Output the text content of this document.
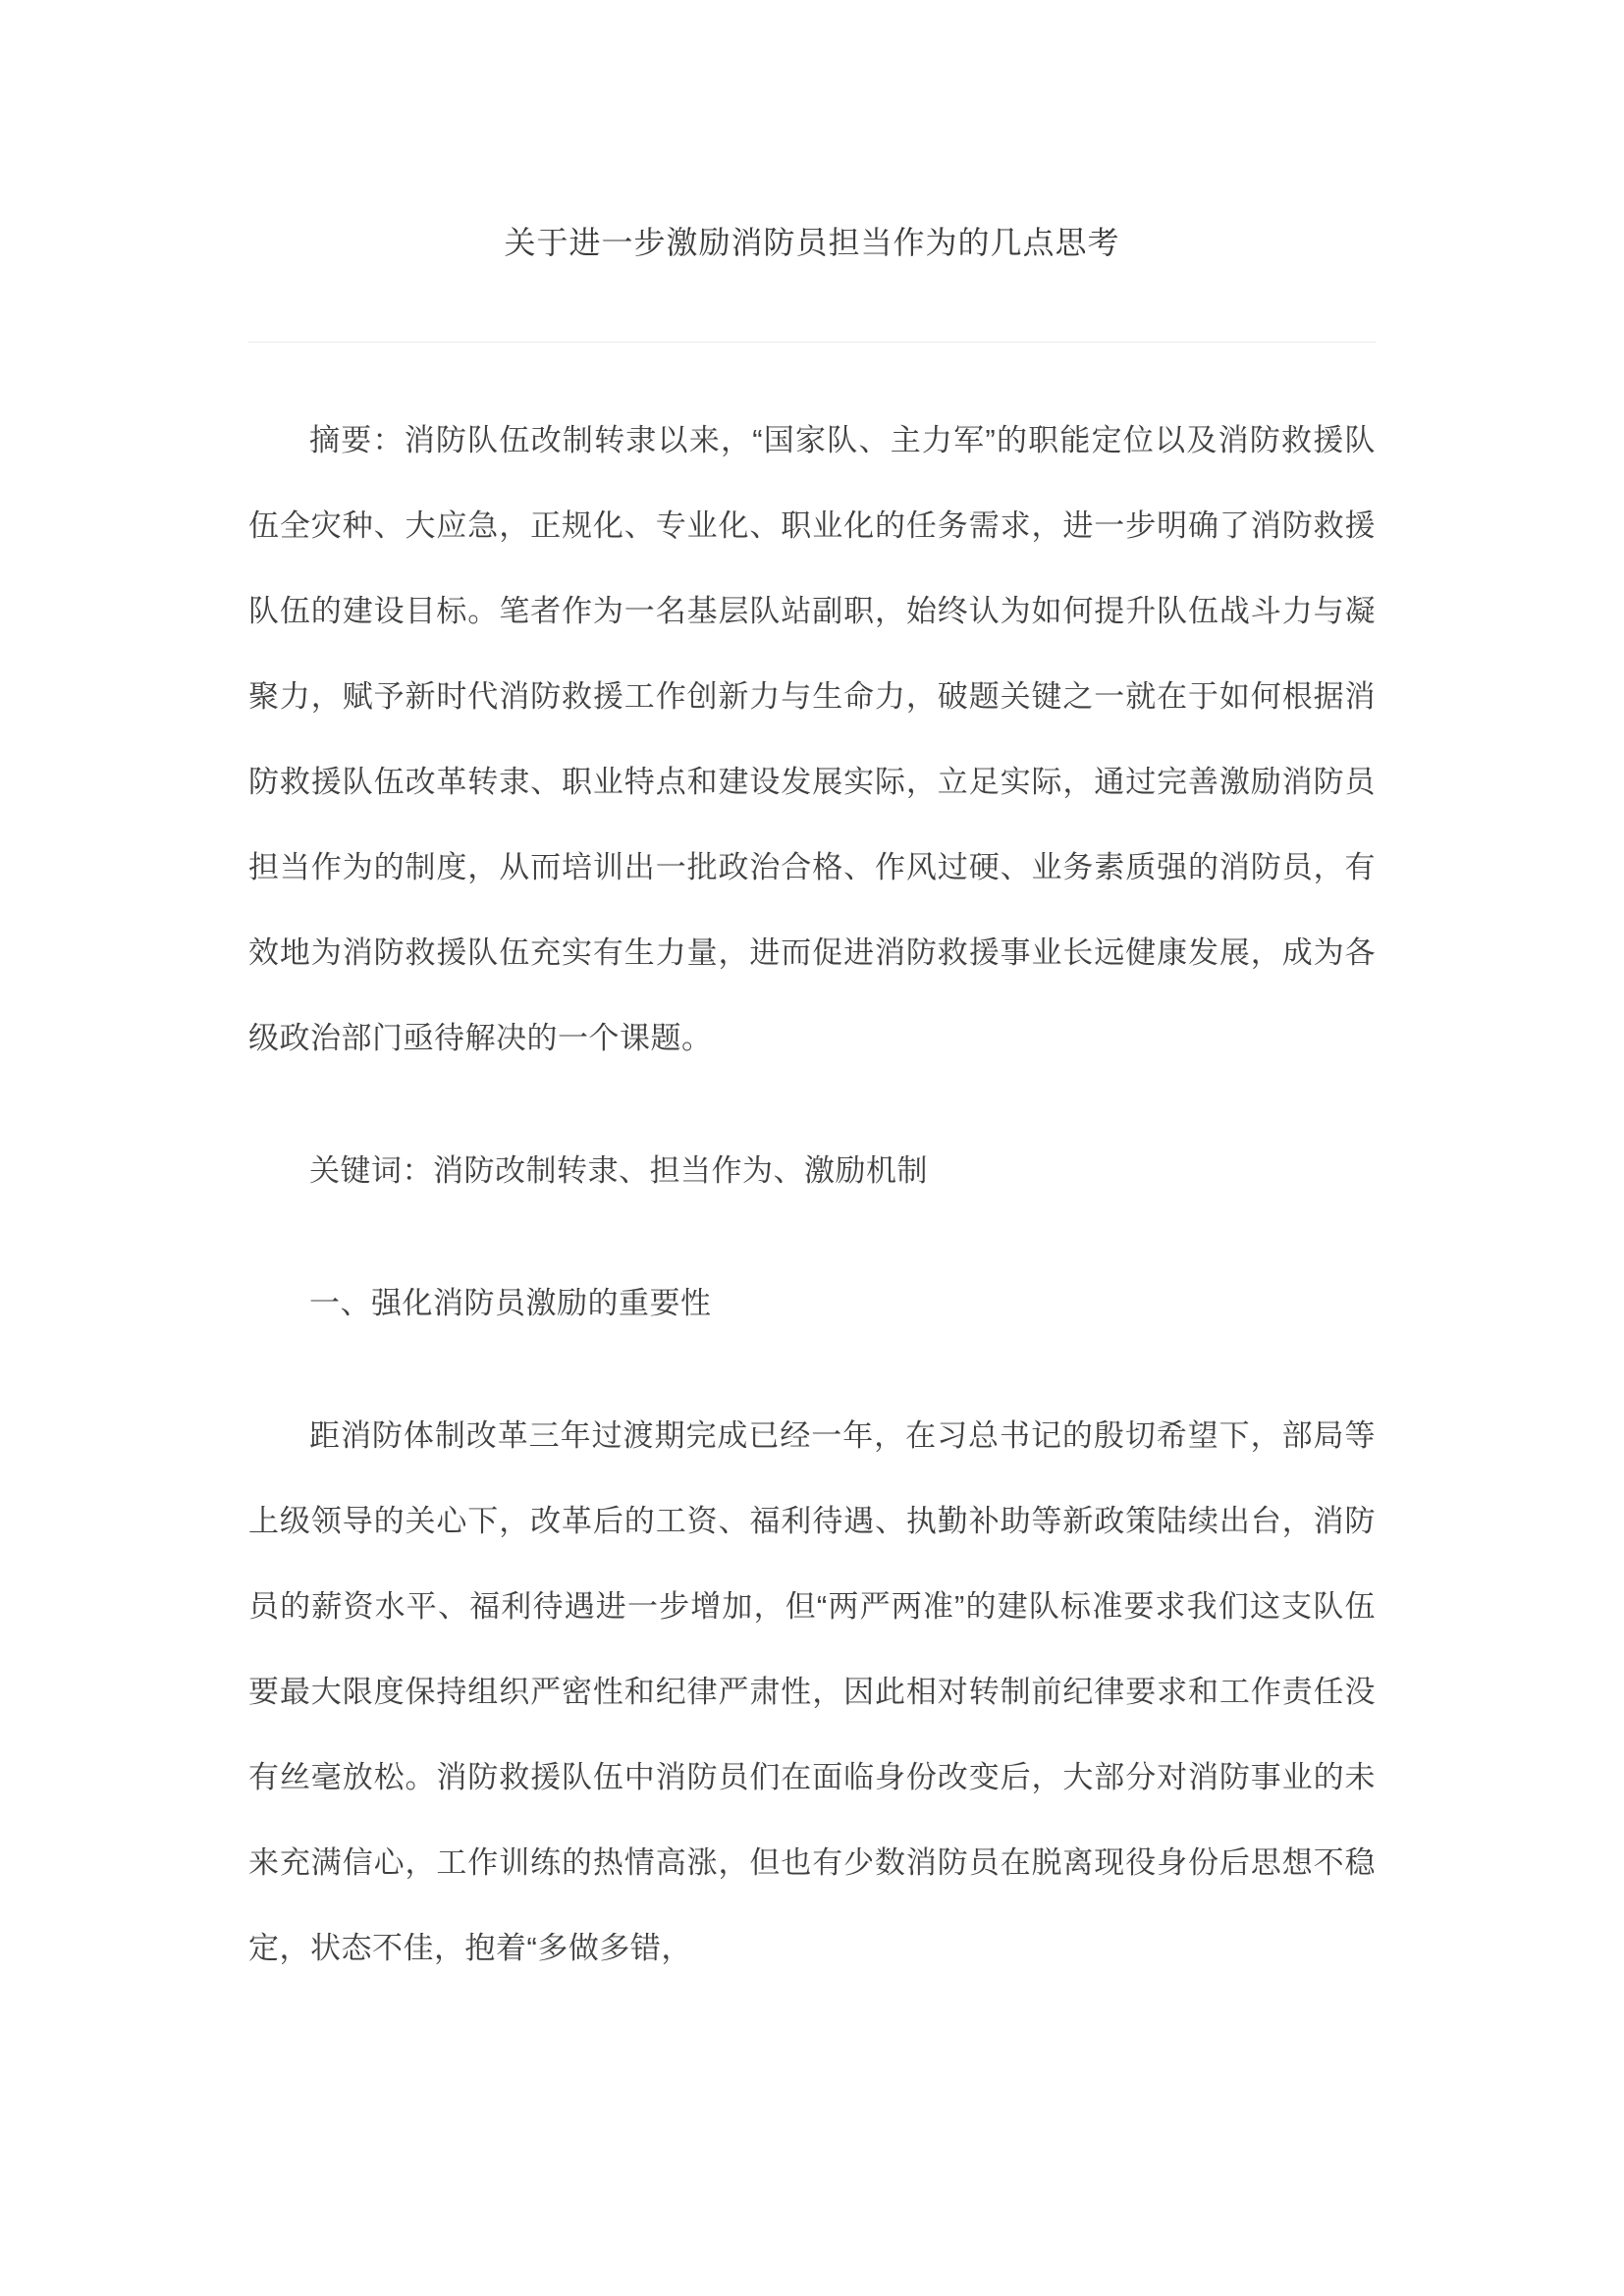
关于进一步激励消防员担当作为的几点思考

摘要：消防队伍改制转隶以来，“国家队、主力军”的职能定位以及消防救援队伍全灾种、大应急，正规化、专业化、职业化的任务需求，进一步明确了消防救援队伍的建设目标。笔者作为一名基层队站副职，始终认为如何提升队伍战斗力与凝聚力，赋予新时代消防救援工作创新力与生命力，破题关键之一就在于如何根据消防救援队伍改革转隶、职业特点和建设发展实际，立足实际，通过完善激励消防员担当作为的制度，从而培训出一批政治合格、作风过硬、业务素质强的消防员，有效地为消防救援队伍充实有生力量，进而促进消防救援事业长远健康发展，成为各级政治部门亟待解决的一个课题。

关键词：消防改制转隶、担当作为、激励机制

一、强化消防员激励的重要性

距消防体制改革三年过渡期完成已经一年，在习总书记的殷切希望下，部局等上级领导的关心下，改革后的工资、福利待遇、执勤补助等新政策陆续出台，消防员的薪资水平、福利待遇进一步增加，但“两严两准”的建队标准要求我们这支队伍要最大限度保持组织严密性和纪律严肃性，因此相对转制前纪律要求和工作责任没有丝毫放松。消防救援队伍中消防员们在面临身份改变后，大部分对消防事业的未来充满信心，工作训练的热情高涨，但也有少数消防员在脱离现役身份后思想不稳定，状态不佳，抱着“多做多错，
